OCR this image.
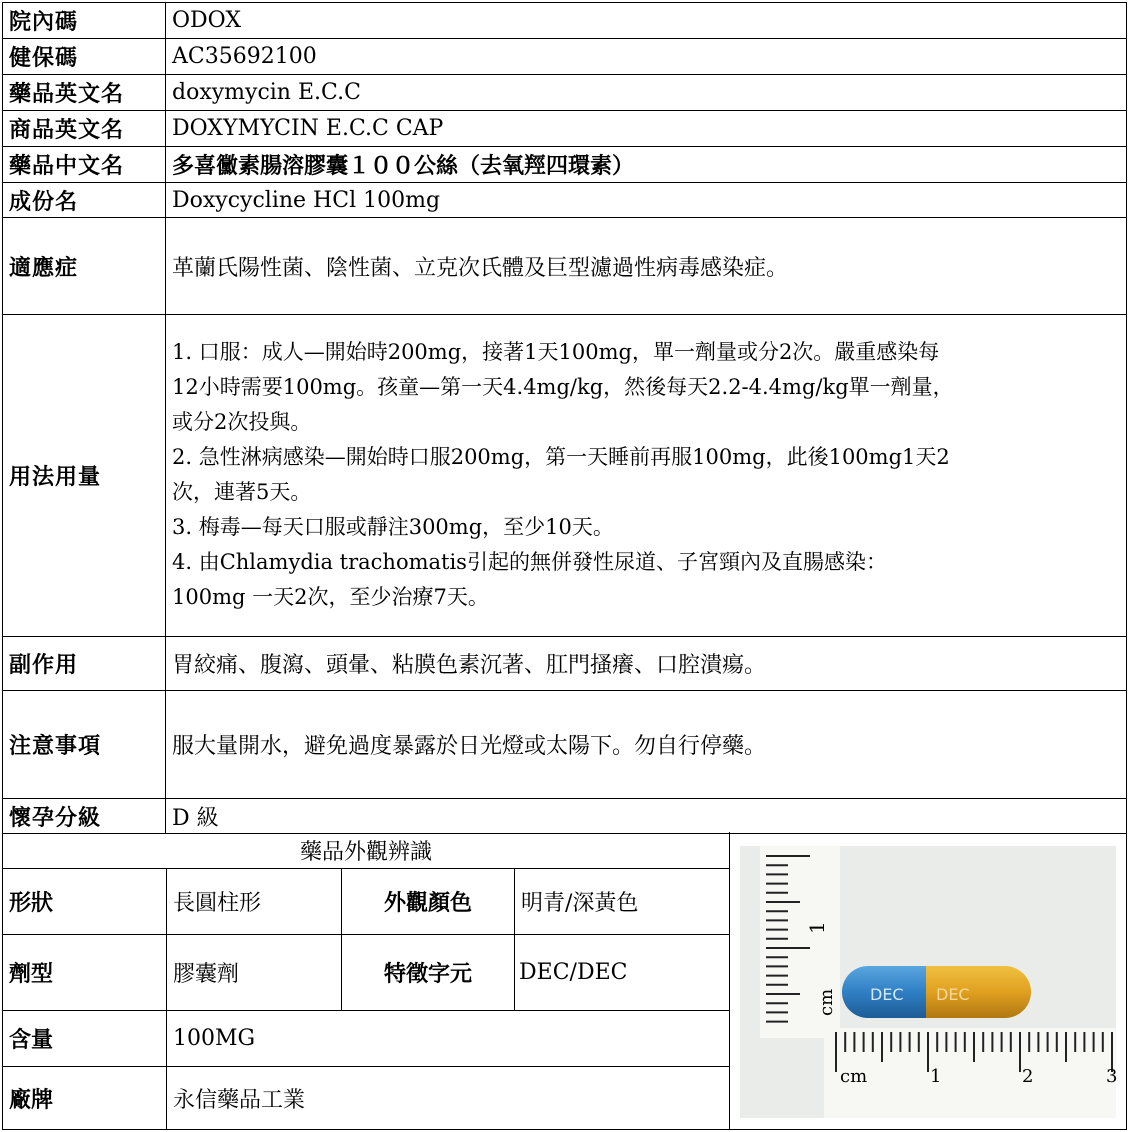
院內碼	ODOX
健保碼	AC35692100
藥品英文名	doxymycin E.C.C
商品英文名	DOXYMYCIN E.C.C CAP
藥品中文名	多喜黴素腸溶膠囊１００公絲（去氧羥四環素）
成份名	Doxycycline HCl 100mg
適應症	革蘭氏陽性菌、陰性菌、立克次氏體及巨型濾過性病毒感染症。
用法用量
1. 口服：成人—開始時200mg，接著1天100mg，單一劑量或分2次。嚴重感染每
12小時需要100mg。孩童—第一天4.4mg/kg，然後每天2.2-4.4mg/kg單一劑量，
或分2次投與。
2. 急性淋病感染—開始時口服200mg，第一天睡前再服100mg，此後100mg1天2
次，連著5天。
3. 梅毒—每天口服或靜注300mg，至少10天。
4. 由Chlamydia trachomatis引起的無併發性尿道、子宮頸內及直腸感染：
100mg 一天2次，至少治療7天。
副作用	胃絞痛、腹瀉、頭暈、粘膜色素沉著、肛門搔癢、口腔潰瘍。
注意事項	服大量開水，避免過度暴露於日光燈或太陽下。勿自行停藥。
懷孕分級	D 級
藥品外觀辨識
形狀	長圓柱形	外觀顏色	明青/深黃色
劑型	膠囊劑	特徵字元	DEC/DEC
含量	100MG
廠牌	永信藥品工業
1
cm
cm	1	2	3
DEC DEC
